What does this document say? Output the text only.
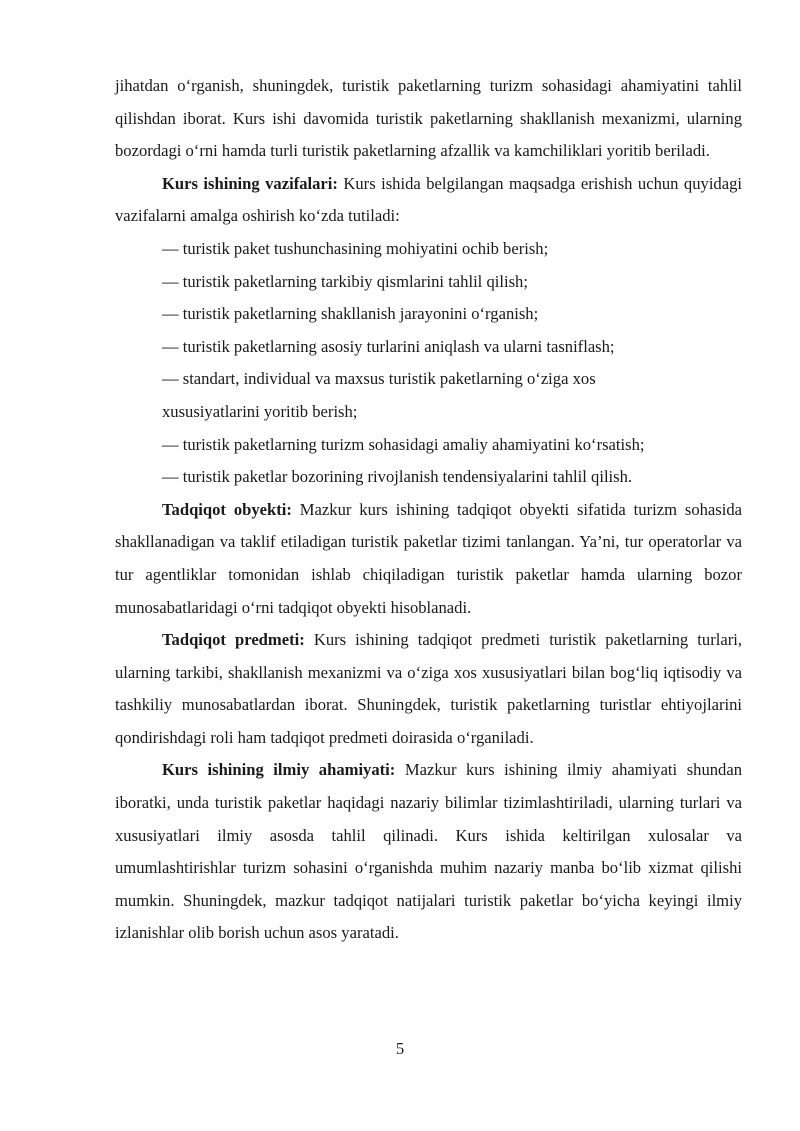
jihatdan o‘rganish, shuningdek, turistik paketlarning turizm sohasidagi ahamiyatini tahlil qilishdan iborat. Kurs ishi davomida turistik paketlarning shakllanish mexanizmi, ularning bozordagi o‘rni hamda turli turistik paketlarning afzallik va kamchiliklari yoritib beriladi.

Kurs ishining vazifalari: Kurs ishida belgilangan maqsadga erishish uchun quyidagi vazifalarni amalga oshirish ko‘zda tutiladi:

— turistik paket tushunchasining mohiyatini ochib berish;
— turistik paketlarning tarkibiy qismlarini tahlil qilish;
— turistik paketlarning shakllanish jarayonini o‘rganish;
— turistik paketlarning asosiy turlarini aniqlash va ularni tasniflash;
— standart, individual va maxsus turistik paketlarning o‘ziga xos xususiyatlarini yoritib berish;
— turistik paketlarning turizm sohasidagi amaliy ahamiyatini ko‘rsatish;
— turistik paketlar bozorining rivojlanish tendensiyalarini tahlil qilish.

Tadqiqot obyekti: Mazkur kurs ishining tadqiqot obyekti sifatida turizm sohasida shakllanadigan va taklif etiladigan turistik paketlar tizimi tanlangan. Ya’ni, tur operatorlar va tur agentliklar tomonidan ishlab chiqiladigan turistik paketlar hamda ularning bozor munosabatlaridagi o‘rni tadqiqot obyekti hisoblanadi.

Tadqiqot predmeti: Kurs ishining tadqiqot predmeti turistik paketlarning turlari, ularning tarkibi, shakllanish mexanizmi va o‘ziga xos xususiyatlari bilan bog‘liq iqtisodiy va tashkiliy munosabatlardan iborat. Shuningdek, turistik paketlarning turistlar ehtiyojlarini qondirishdagi roli ham tadqiqot predmeti doirasida o‘rganiladi.

Kurs ishining ilmiy ahamiyati: Mazkur kurs ishining ilmiy ahamiyati shundan iboratki, unda turistik paketlar haqidagi nazariy bilimlar tizimlashtiriladi, ularning turlari va xususiyatlari ilmiy asosda tahlil qilinadi. Kurs ishida keltirilgan xulosalar va umumlashtirishlar turizm sohasini o‘rganishda muhim nazariy manba bo‘lib xizmat qilishi mumkin. Shuningdek, mazkur tadqiqot natijalari turistik paketlar bo‘yicha keyingi ilmiy izlanishlar olib borish uchun asos yaratadi.

5
